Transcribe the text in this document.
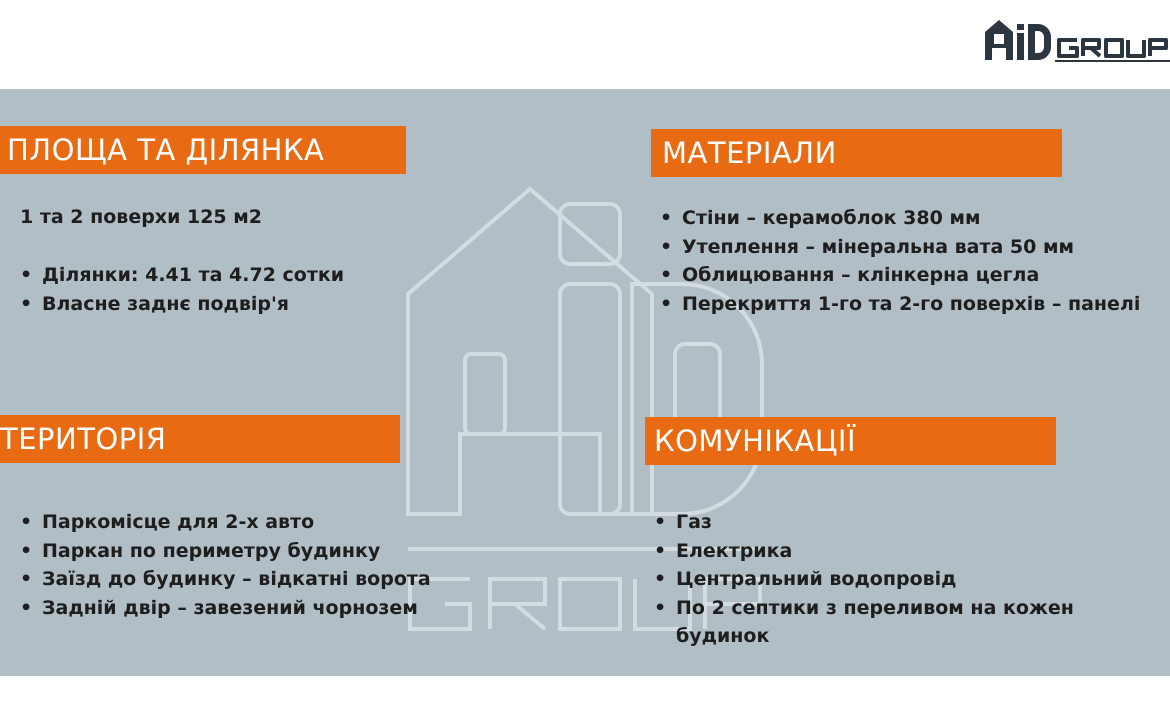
ПЛОЩА ТА ДІЛЯНКА
1 та 2 поверхи 125 м2
• Ділянки: 4.41 та 4.72 сотки
• Власне заднє подвір'я
МАТЕРІАЛИ
• Стіни – керамоблок 380 мм
• Утеплення – мінеральна вата 50 мм
• Облицювання – клінкерна цегла
• Перекриття 1-го та 2-го поверхів – панелі
ТЕРИТОРІЯ
• Паркомісце для 2-х авто
• Паркан по периметру будинку
• Заїзд до будинку – відкатні ворота
• Задній двір – завезений чорнозем
КОМУНІКАЦІЇ
• Газ
• Електрика
• Центральний водопровід
• По 2 септики з переливом на кожен будинок
